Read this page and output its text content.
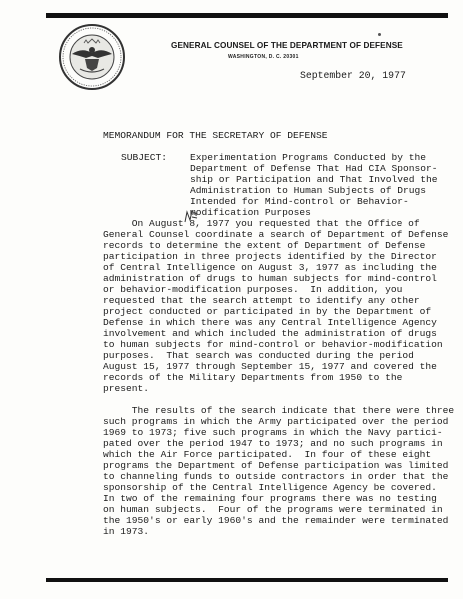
GENERAL COUNSEL OF THE DEPARTMENT OF DEFENSE
WASHINGTON, D. C. 20301
September 20, 1977
MEMORANDUM FOR THE SECRETARY OF DEFENSE
SUBJECT: Experimentation Programs Conducted by the
Department of Defense That Had CIA Sponsor-
ship or Participation and That Involved the
Administration to Human Subjects of Drugs
Intended for Mind-control or Behavior-
modification Purposes
On August 8, 1977 you requested that the Office of
General Counsel coordinate a search of Department of Defense
records to determine the extent of Department of Defense
participation in three projects identified by the Director
of Central Intelligence on August 3, 1977 as including the
administration of drugs to human subjects for mind-control
or behavior-modification purposes.  In addition, you
requested that the search attempt to identify any other
project conducted or participated in by the Department of
Defense in which there was any Central Intelligence Agency
involvement and which included the administration of drugs
to human subjects for mind-control or behavior-modification
purposes.  That search was conducted during the period
August 15, 1977 through September 15, 1977 and covered the
records of the Military Departments from 1950 to the
present.
The results of the search indicate that there were three
such programs in which the Army participated over the period
1969 to 1973; five such programs in which the Navy partici-
pated over the period 1947 to 1973; and no such programs in
which the Air Force participated.  In four of these eight
programs the Department of Defense participation was limited
to channeling funds to outside contractors in order that the
sponsorship of the Central Intelligence Agency be covered.
In two of the remaining four programs there was no testing
on human subjects.  Four of the programs were terminated in
the 1950's or early 1960's and the remainder were terminated
in 1973.
